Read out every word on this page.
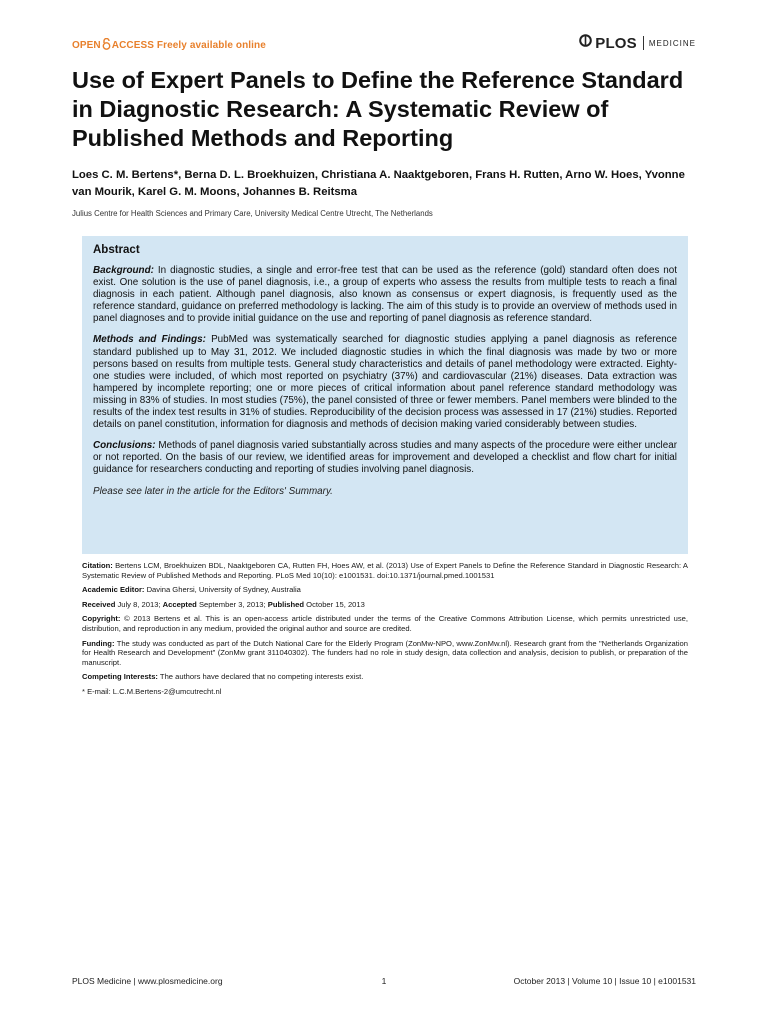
OPEN ACCESS Freely available online	PLOS MEDICINE
Use of Expert Panels to Define the Reference Standard in Diagnostic Research: A Systematic Review of Published Methods and Reporting
Loes C. M. Bertens*, Berna D. L. Broekhuizen, Christiana A. Naaktgeboren, Frans H. Rutten, Arno W. Hoes, Yvonne van Mourik, Karel G. M. Moons, Johannes B. Reitsma
Julius Centre for Health Sciences and Primary Care, University Medical Centre Utrecht, The Netherlands
Abstract

Background: In diagnostic studies, a single and error-free test that can be used as the reference (gold) standard often does not exist. One solution is the use of panel diagnosis, i.e., a group of experts who assess the results from multiple tests to reach a final diagnosis in each patient. Although panel diagnosis, also known as consensus or expert diagnosis, is frequently used as the reference standard, guidance on preferred methodology is lacking. The aim of this study is to provide an overview of methods used in panel diagnoses and to provide initial guidance on the use and reporting of panel diagnosis as reference standard.

Methods and Findings: PubMed was systematically searched for diagnostic studies applying a panel diagnosis as reference standard published up to May 31, 2012. We included diagnostic studies in which the final diagnosis was made by two or more persons based on results from multiple tests. General study characteristics and details of panel methodology were extracted. Eighty-one studies were included, of which most reported on psychiatry (37%) and cardiovascular (21%) diseases. Data extraction was hampered by incomplete reporting; one or more pieces of critical information about panel reference standard methodology was missing in 83% of studies. In most studies (75%), the panel consisted of three or fewer members. Panel members were blinded to the results of the index test results in 31% of studies. Reproducibility of the decision process was assessed in 17 (21%) studies. Reported details on panel constitution, information for diagnosis and methods of decision making varied considerably between studies.

Conclusions: Methods of panel diagnosis varied substantially across studies and many aspects of the procedure were either unclear or not reported. On the basis of our review, we identified areas for improvement and developed a checklist and flow chart for initial guidance for researchers conducting and reporting of studies involving panel diagnosis.

Please see later in the article for the Editors' Summary.

Citation: Bertens LCM, Broekhuizen BDL, Naaktgeboren CA, Rutten FH, Hoes AW, et al. (2013) Use of Expert Panels to Define the Reference Standard in Diagnostic Research: A Systematic Review of Published Methods and Reporting. PLoS Med 10(10): e1001531. doi:10.1371/journal.pmed.1001531

Academic Editor: Davina Ghersi, University of Sydney, Australia

Received July 8, 2013; Accepted September 3, 2013; Published October 15, 2013

Copyright: © 2013 Bertens et al. This is an open-access article distributed under the terms of the Creative Commons Attribution License, which permits unrestricted use, distribution, and reproduction in any medium, provided the original author and source are credited.

Funding: The study was conducted as part of the Dutch National Care for the Elderly Program (ZonMw-NPO, www.ZonMw.nl). Research grant from the "Netherlands Organization for Health Research and Development" (ZonMw grant 311040302). The funders had no role in study design, data collection and analysis, decision to publish, or preparation of the manuscript.

Competing Interests: The authors have declared that no competing interests exist.

* E-mail: L.C.M.Bertens-2@umcutrecht.nl

PLOS Medicine | www.plosmedicine.org	1	October 2013 | Volume 10 | Issue 10 | e1001531
